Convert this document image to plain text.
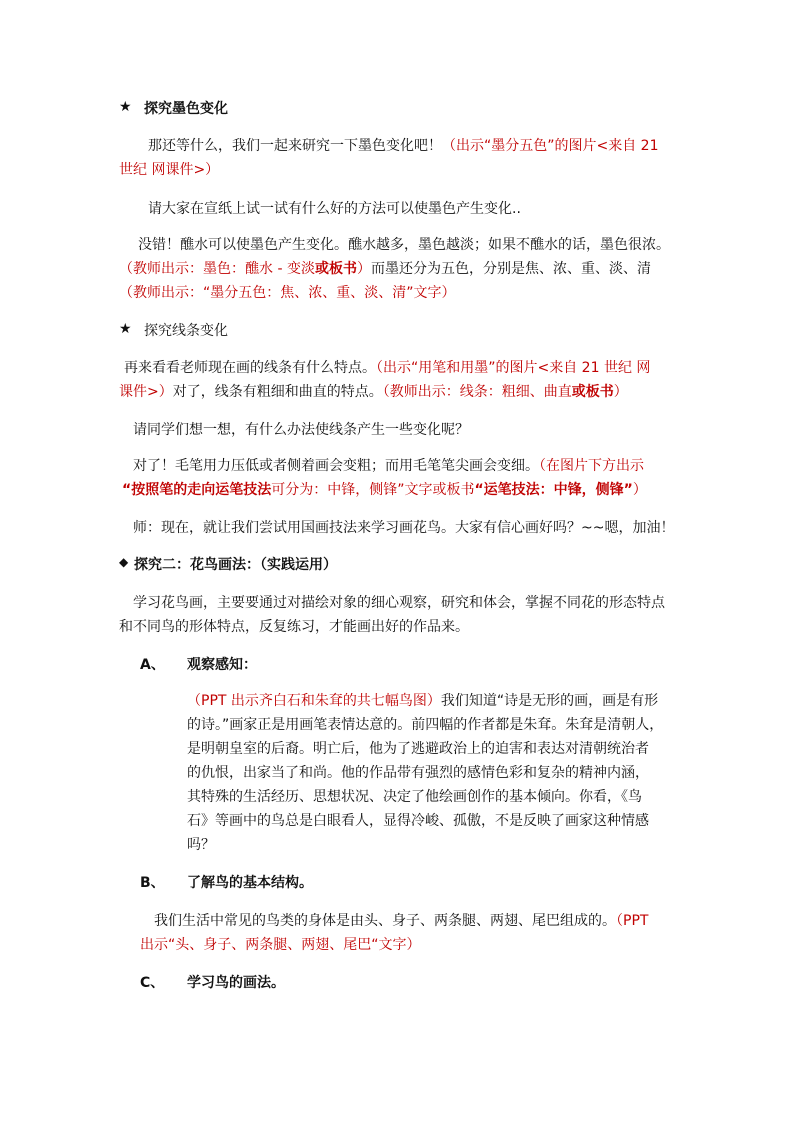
★ 探究墨色变化
那还等什么，我们一起来研究一下墨色变化吧！（出示“墨分五色”的图片<来自 21
世纪 网课件>）
请大家在宣纸上试一试有什么好的方法可以使墨色产生变化..
没错！醮水可以使墨色产生变化。醮水越多，墨色越淡；如果不醮水的话，墨色很浓。
（教师出示：墨色：醮水 - 变淡或板书）而墨还分为五色，分别是焦、浓、重、淡、清
（教师出示：“墨分五色：焦、浓、重、淡、清”文字）
★ 探究线条变化
再来看看老师现在画的线条有什么特点。（出示“用笔和用墨”的图片<来自 21 世纪 网
课件>）对了，线条有粗细和曲直的特点。（教师出示：线条：粗细、曲直或板书）
请同学们想一想，有什么办法使线条产生一些变化呢？
对了！毛笔用力压低或者侧着画会变粗；而用毛笔笔尖画会变细。（在图片下方出示
“按照笔的走向运笔技法可分为：中锋，侧锋”文字或板书“运笔技法：中锋，侧锋”）
师：现在，就让我们尝试用国画技法来学习画花鸟。大家有信心画好吗？~~嗯，加油！
◆ 探究二：花鸟画法：（实践运用）
学习花鸟画，主要要通过对描绘对象的细心观察，研究和体会，掌握不同花的形态特点
和不同鸟的形体特点，反复练习，才能画出好的作品来。
A、 观察感知：
（PPT 出示齐白石和朱耷的共七幅鸟图）我们知道“诗是无形的画，画是有形
的诗。”画家正是用画笔表情达意的。前四幅的作者都是朱耷。朱耷是清朝人，
是明朝皇室的后裔。明亡后，他为了逃避政治上的迫害和表达对清朝统治者
的仇恨，出家当了和尚。他的作品带有强烈的感情色彩和复杂的精神内涵，
其特殊的生活经历、思想状况、决定了他绘画创作的基本倾向。你看，《鸟
石》等画中的鸟总是白眼看人，显得冷峻、孤傲，不是反映了画家这种情感
吗？
B、 了解鸟的基本结构。
我们生活中常见的鸟类的身体是由头、身子、两条腿、两翅、尾巴组成的。（PPT
出示“头、身子、两条腿、两翅、尾巴“文字）
C、 学习鸟的画法。
